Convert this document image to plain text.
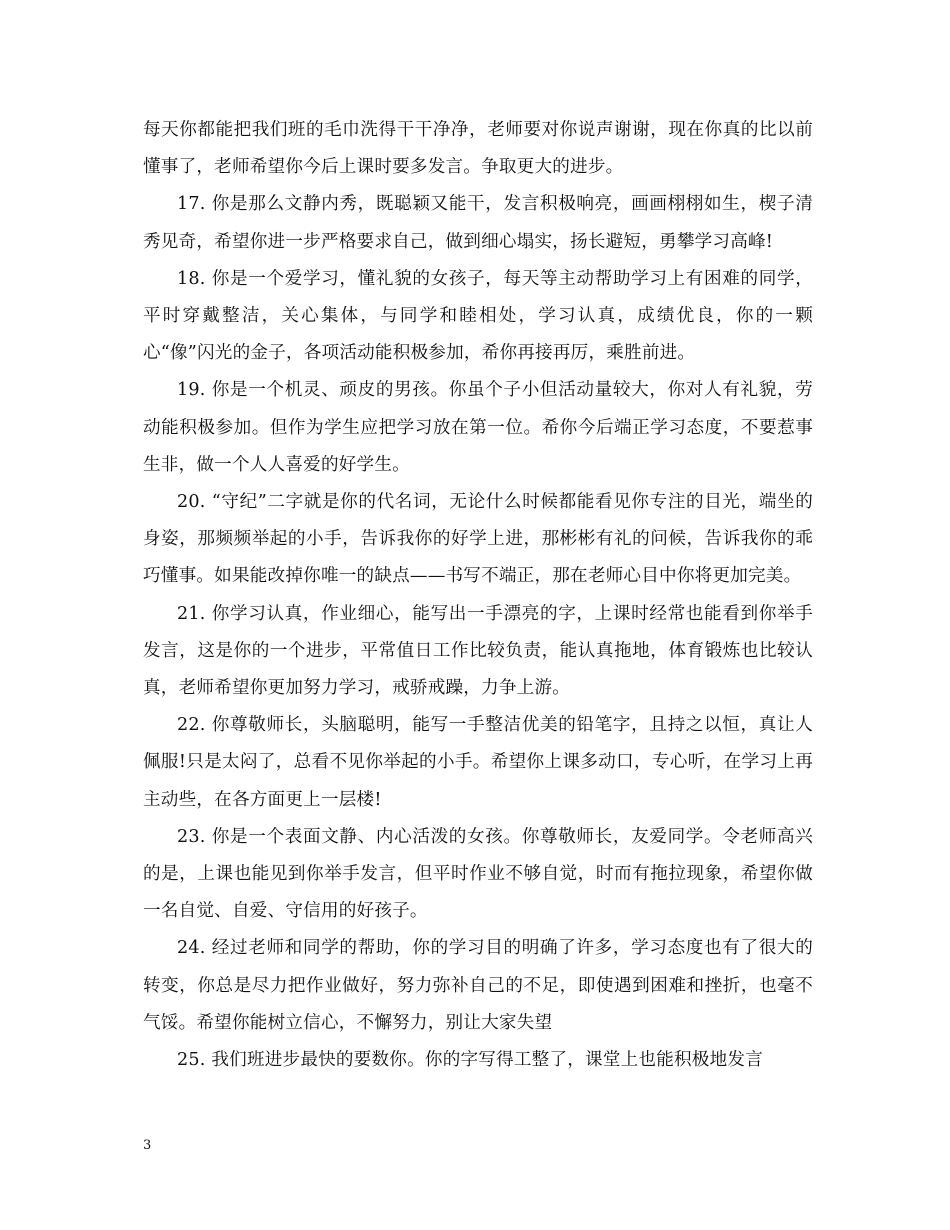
每天你都能把我们班的毛巾洗得干干净净，老师要对你说声谢谢，现在你真的比以前懂事了，老师希望你今后上课时要多发言。争取更大的进步。

17. 你是那么文静内秀，既聪颖又能干，发言积极响亮，画画栩栩如生，楔子清秀见奇，希望你进一步严格要求自己，做到细心塌实，扬长避短，勇攀学习高峰!

18. 你是一个爱学习，懂礼貌的女孩子，每天等主动帮助学习上有困难的同学，平时穿戴整洁，关心集体，与同学和睦相处，学习认真，成绩优良，你的一颗心“像”闪光的金子，各项活动能积极参加，希你再接再厉，乘胜前进。

19. 你是一个机灵、顽皮的男孩。你虽个子小但活动量较大，你对人有礼貌，劳动能积极参加。但作为学生应把学习放在第一位。希你今后端正学习态度，不要惹事生非，做一个人人喜爱的好学生。

20. “守纪”二字就是你的代名词，无论什么时候都能看见你专注的目光，端坐的身姿，那频频举起的小手，告诉我你的好学上进，那彬彬有礼的问候，告诉我你的乖巧懂事。如果能改掉你唯一的缺点——书写不端正，那在老师心目中你将更加完美。

21. 你学习认真，作业细心，能写出一手漂亮的字，上课时经常也能看到你举手发言，这是你的一个进步，平常值日工作比较负责，能认真拖地，体育锻炼也比较认真，老师希望你更加努力学习，戒骄戒躁，力争上游。

22. 你尊敬师长，头脑聪明，能写一手整洁优美的铅笔字，且持之以恒，真让人佩服!只是太闷了，总看不见你举起的小手。希望你上课多动口，专心听，在学习上再主动些，在各方面更上一层楼!

23. 你是一个表面文静、内心活泼的女孩。你尊敬师长，友爱同学。令老师高兴的是，上课也能见到你举手发言，但平时作业不够自觉，时而有拖拉现象，希望你做一名自觉、自爱、守信用的好孩子。

24. 经过老师和同学的帮助，你的学习目的明确了许多，学习态度也有了很大的转变，你总是尽力把作业做好，努力弥补自己的不足，即使遇到困难和挫折，也毫不气馁。希望你能树立信心，不懈努力，别让大家失望

25. 我们班进步最快的要数你。你的字写得工整了，课堂上也能积极地发言

3
